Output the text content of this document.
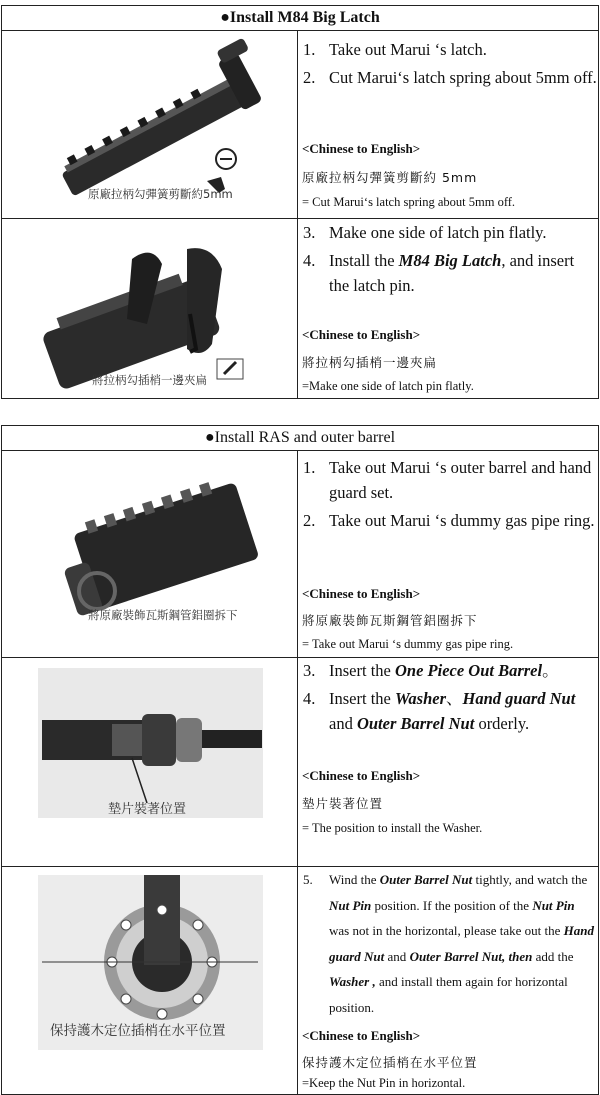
●Install M84 Big Latch
原廠拉柄勾彈簧剪斷約5mm
1. Take out Marui ‘s latch.
2. Cut Marui‘s latch spring about 5mm off.
<Chinese to English>
原廠拉柄勾彈簧剪斷約 5mm
= Cut Marui‘s latch spring about 5mm off.
將拉柄勾插梢一邊夾扁
3. Make one side of latch pin flatly.
4. Install the M84 Big Latch, and insert the latch pin.
<Chinese to English>
將拉柄勾插梢一邊夾扁
=Make one side of latch pin flatly.
●Install RAS and outer barrel
將原廠裝飾瓦斯鋼管鋁圈拆下
1. Take out Marui ‘s outer barrel and hand guard set.
2. Take out Marui ‘s dummy gas pipe ring.
<Chinese to English>
將原廠裝飾瓦斯鋼管鋁圈拆下
= Take out Marui ‘s dummy gas pipe ring.
墊片裝著位置
3. Insert the One Piece Out Barrel。
4. Insert the Washer、Hand guard Nut and Outer Barrel Nut orderly.
<Chinese to English>
墊片裝著位置
= The position to install the Washer.
保持護木定位插梢在水平位置
5. Wind the Outer Barrel Nut tightly, and watch the Nut Pin position. If the position of the Nut Pin was not in the horizontal, please take out the Hand guard Nut and Outer Barrel Nut, then add the Washer , and install them again for horizontal position.
<Chinese to English>
保持護木定位插梢在水平位置
=Keep the Nut Pin in horizontal.
